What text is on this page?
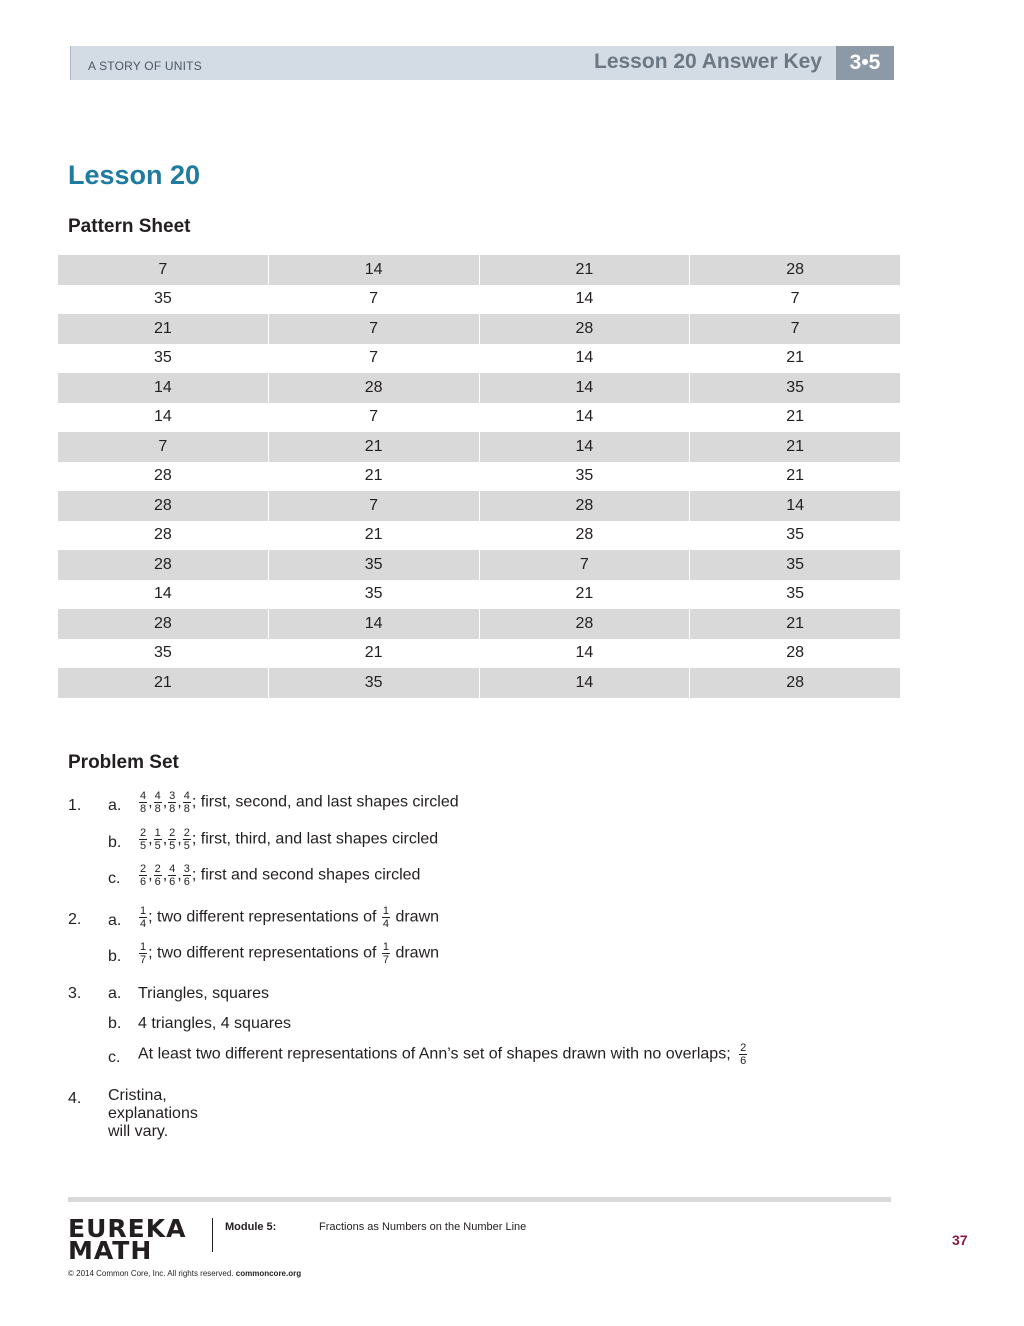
A STORY OF UNITS	Lesson 20 Answer Key	3•5
Lesson 20
Pattern Sheet
7	14	21	28
35	7	14	7
21	7	28	7
35	7	14	21
14	28	14	35
14	7	14	21
7	21	14	21
28	21	35	21
28	7	28	14
28	21	28	35
28	35	7	35
14	35	21	35
28	14	28	21
35	21	14	28
21	35	14	28
Problem Set
1. a. $\frac{4}{8}$ , $\frac{4}{8}$ , $\frac{3}{8}$ , $\frac{4}{8}$ ; first, second, and last shapes circled
b. $\frac{2}{5}$ , $\frac{1}{5}$ , $\frac{2}{5}$ , $\frac{2}{5}$ ; first, third, and last shapes circled
c. $\frac{2}{6}$ , $\frac{2}{6}$ , $\frac{4}{6}$ , $\frac{3}{6}$ ; first and second shapes circled
2. a. $\frac{1}{4}$ ; two different representations of $\frac{1}{4}$ drawn
b. $\frac{1}{7}$ ; two different representations of $\frac{1}{7}$ drawn
3. a. Triangles, squares
b. 4 triangles, 4 squares
c. At least two different representations of Ann’s set of shapes drawn with no overlaps; $\frac{2}{6}$
4. Cristina, explanations will vary.
EUREKA
MATH
Module 5:	Fractions as Numbers on the Number Line
37
© 2014 Common Core, Inc. All rights reserved. commoncore.org
